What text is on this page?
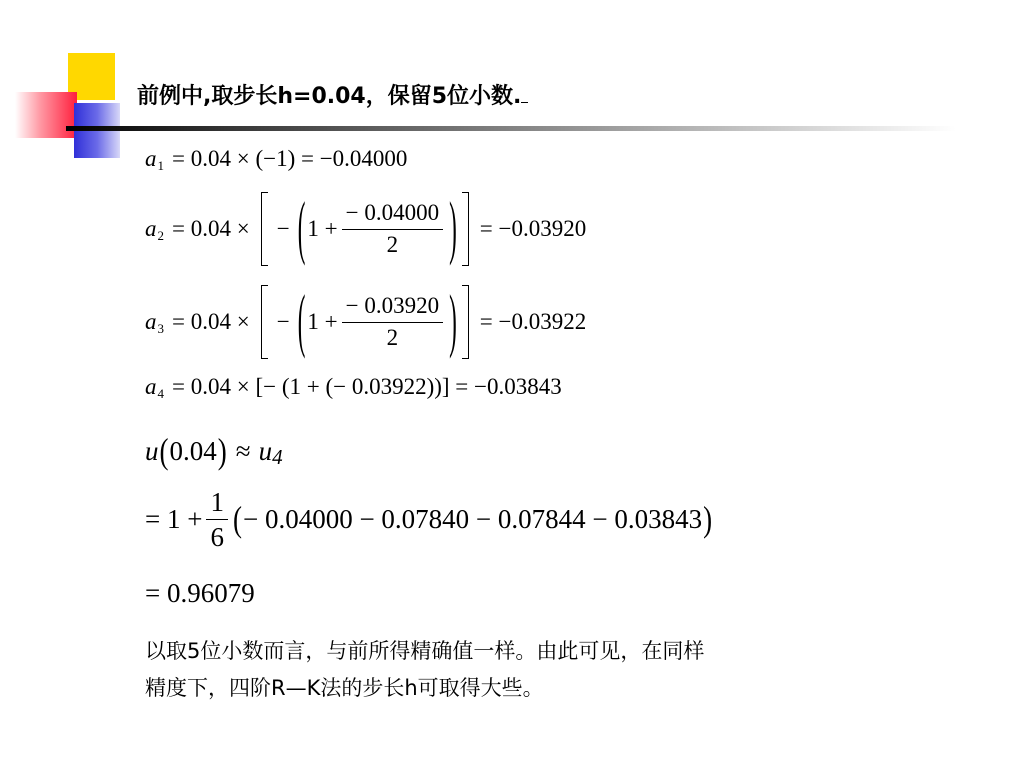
前例中,取步长h=0.04，保留5位小数.
a 1 = 0.04 × (−1) = −0.04000
a 2 = 0.04 × − ( $1 + \frac{- 0.04000}{2}$ ) = −0.03920
a 3 = 0.04 × − ( $1 + \frac{- 0.03920}{2}$ ) = −0.03922
a 4 = 0.04 × [− (1 + (− 0.03922))] = −0.03843
u ( 0.04 ) ≈ u 4
= $1 + \frac{1}{6}$ ( − 0.04000 − 0.07840 − 0.07844 − 0.03843 )
= 0.96079
以取5位小数而言，与前所得精确值一样。由此可见，在同样
精度下，四阶R—K法的步长h可取得大些。
